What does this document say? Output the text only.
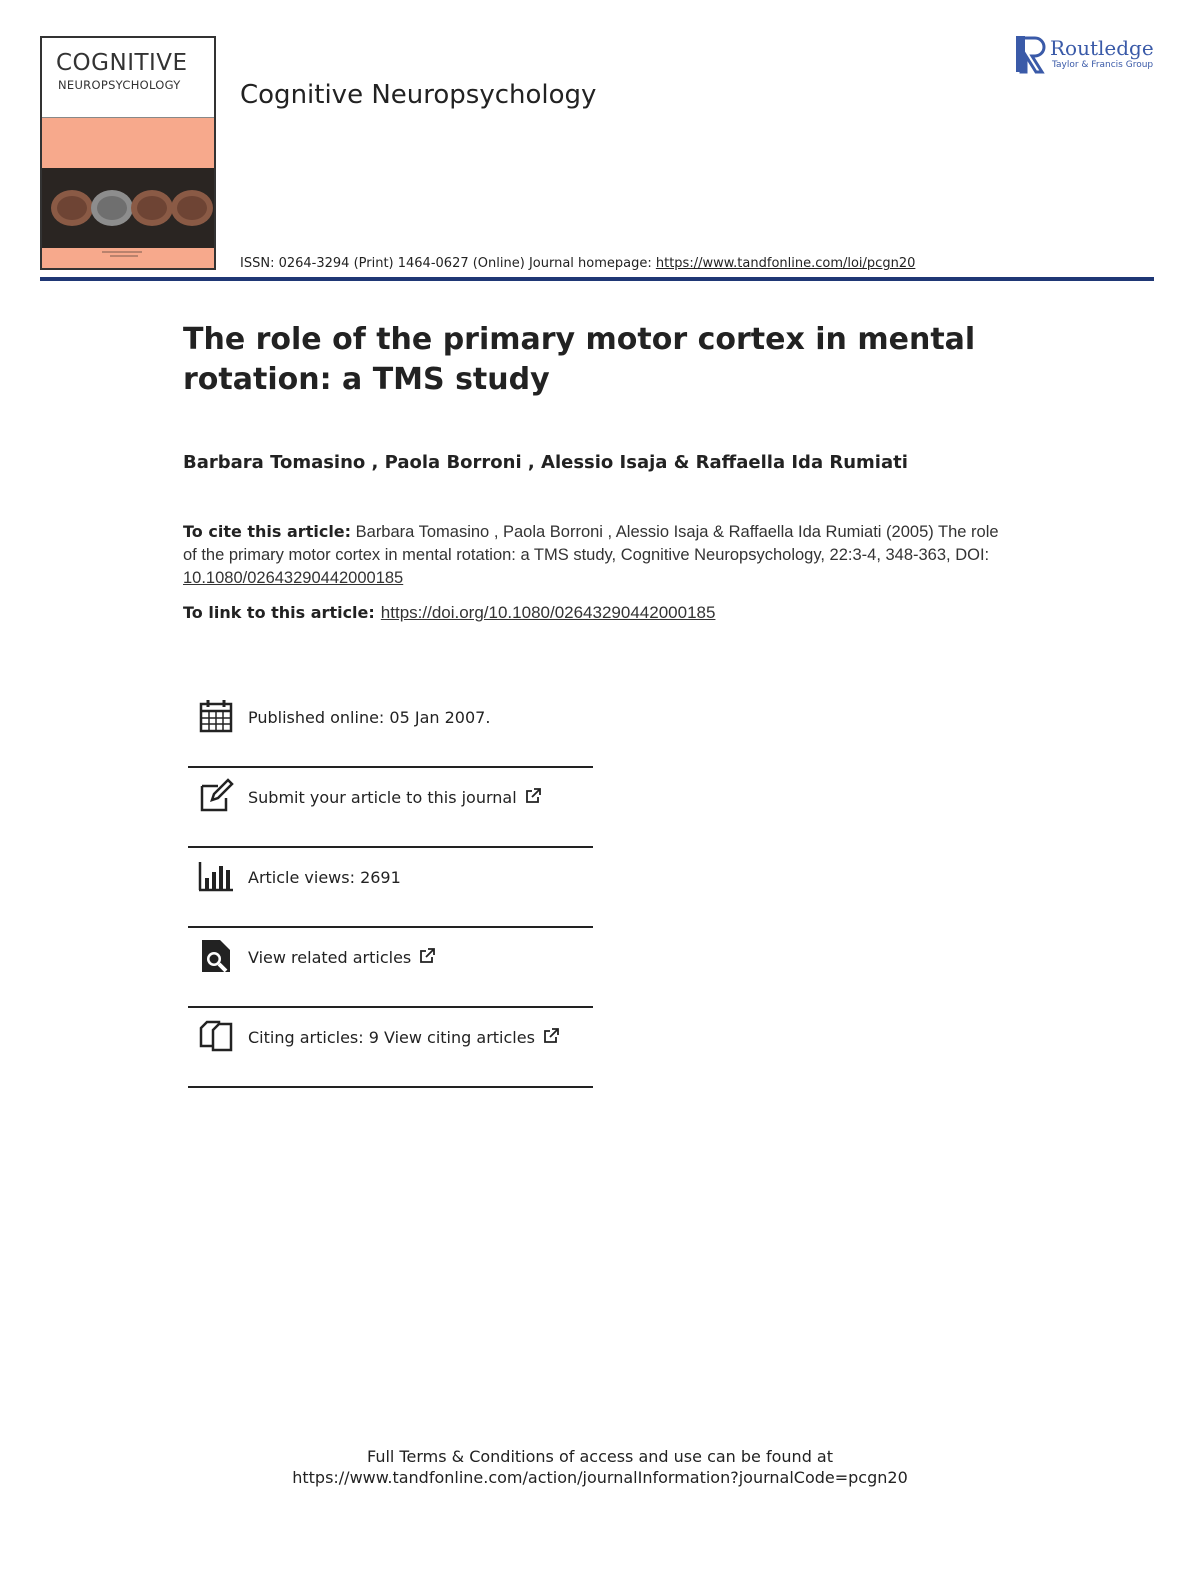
COGNITIVE
NEUROPSYCHOLOGY Cognitive Neuropsychology
Routledge
Taylor & Francis Group
ISSN: 0264-3294 (Print) 1464-0627 (Online) Journal homepage: https://www.tandfonline.com/loi/pcgn20
The role of the primary motor cortex in mental rotation: a TMS study
Barbara Tomasino , Paola Borroni , Alessio Isaja & Raffaella Ida Rumiati
To cite this article: Barbara Tomasino , Paola Borroni , Alessio Isaja & Raffaella Ida Rumiati (2005) The role of the primary motor cortex in mental rotation: a TMS study, Cognitive Neuropsychology, 22:3-4, 348-363, DOI: 10.1080/02643290442000185
To link to this article: https://doi.org/10.1080/02643290442000185
Published online: 05 Jan 2007.
Submit your article to this journal
Article views: 2691
View related articles
Citing articles: 9 View citing articles
Full Terms & Conditions of access and use can be found at
https://www.tandfonline.com/action/journalInformation?journalCode=pcgn20
